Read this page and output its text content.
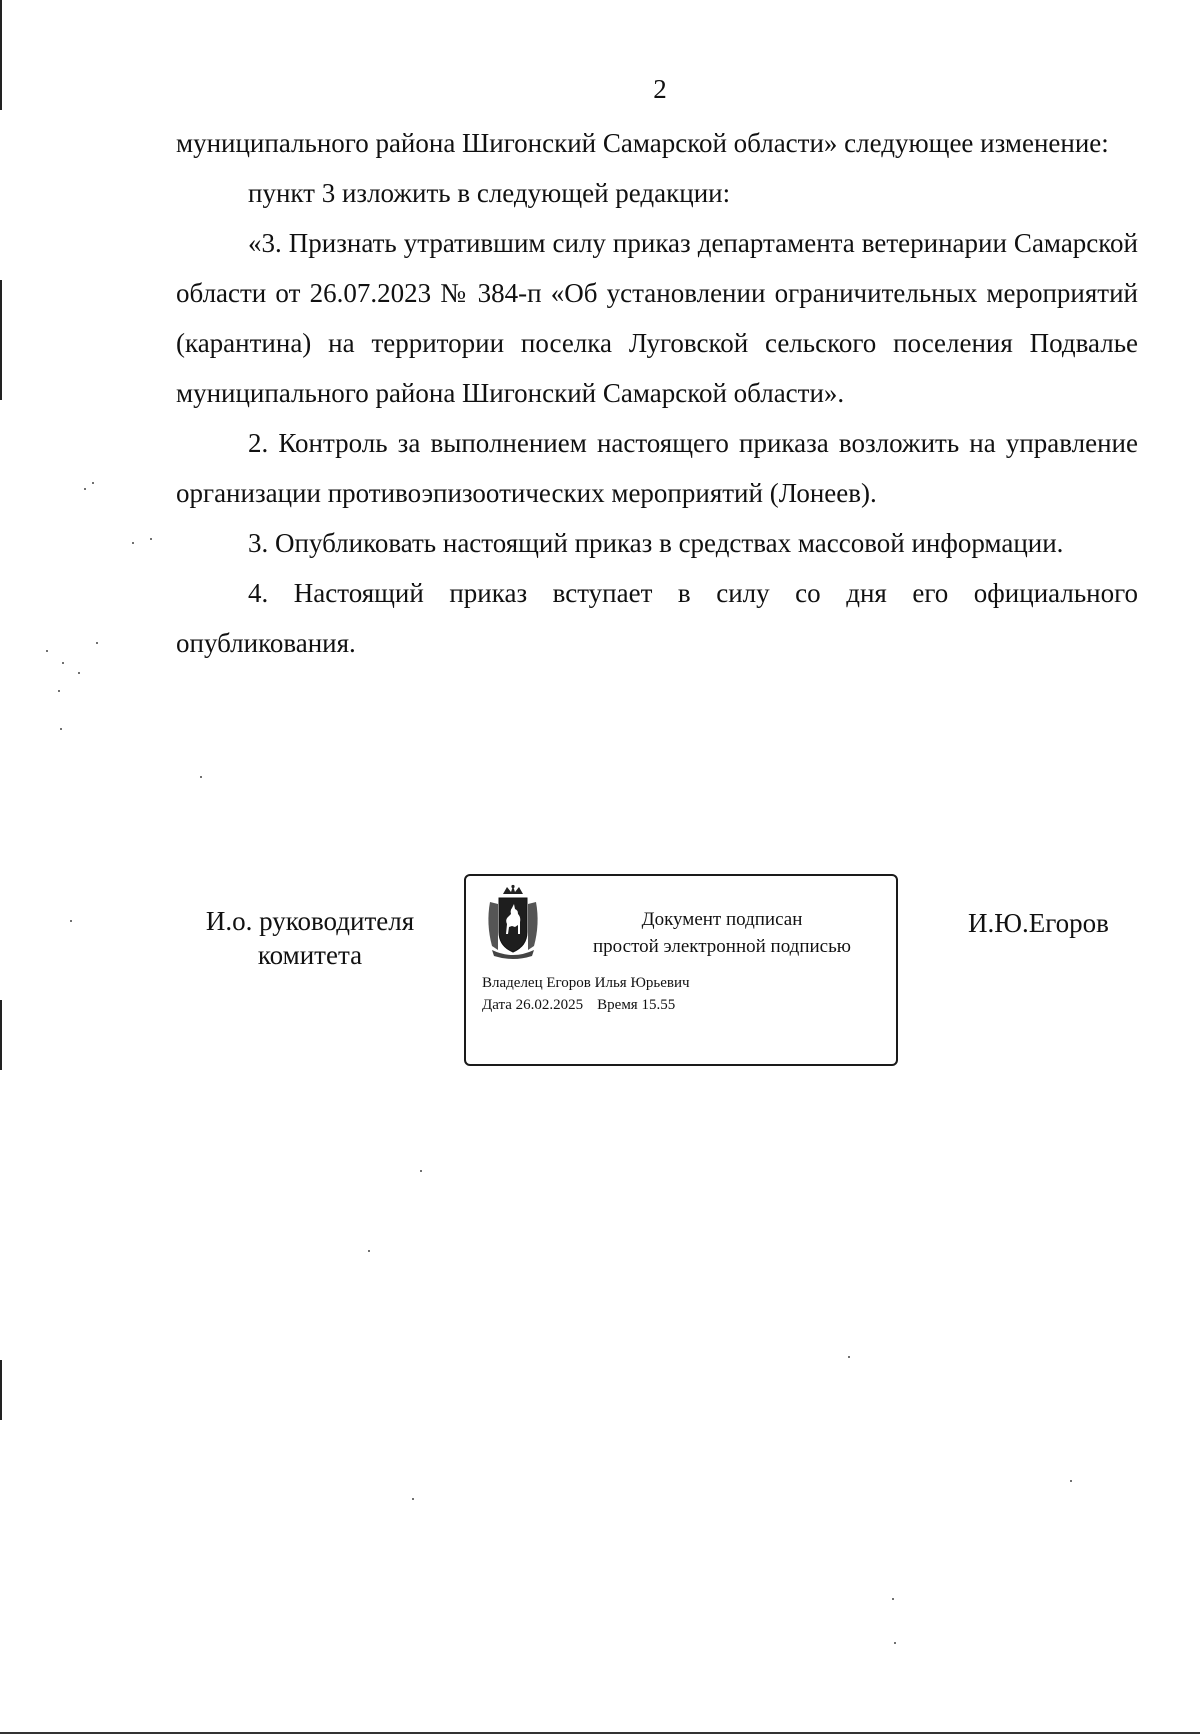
2

муниципального района Шигонский Самарской области» следующее изменение:

пункт 3 изложить в следующей редакции:

«3. Признать утратившим силу приказ департамента ветеринарии Самарской области от 26.07.2023 № 384-п «Об установлении ограничительных мероприятий (карантина) на территории поселка Луговской сельского поселения Подвалье муниципального района Шигонский Самарской области».

2. Контроль за выполнением настоящего приказа возложить на управление организации противоэпизоотических мероприятий (Лонеев).

3. Опубликовать настоящий приказ в средствах массовой информации.

4. Настоящий приказ вступает в силу со дня его официального опубликования.

И.о. руководителя
комитета
Документ подписан
простой электронной подписью
Владелец Егоров Илья Юрьевич
Дата 26.02.2025 Время 15.55
И.Ю.Егоров
